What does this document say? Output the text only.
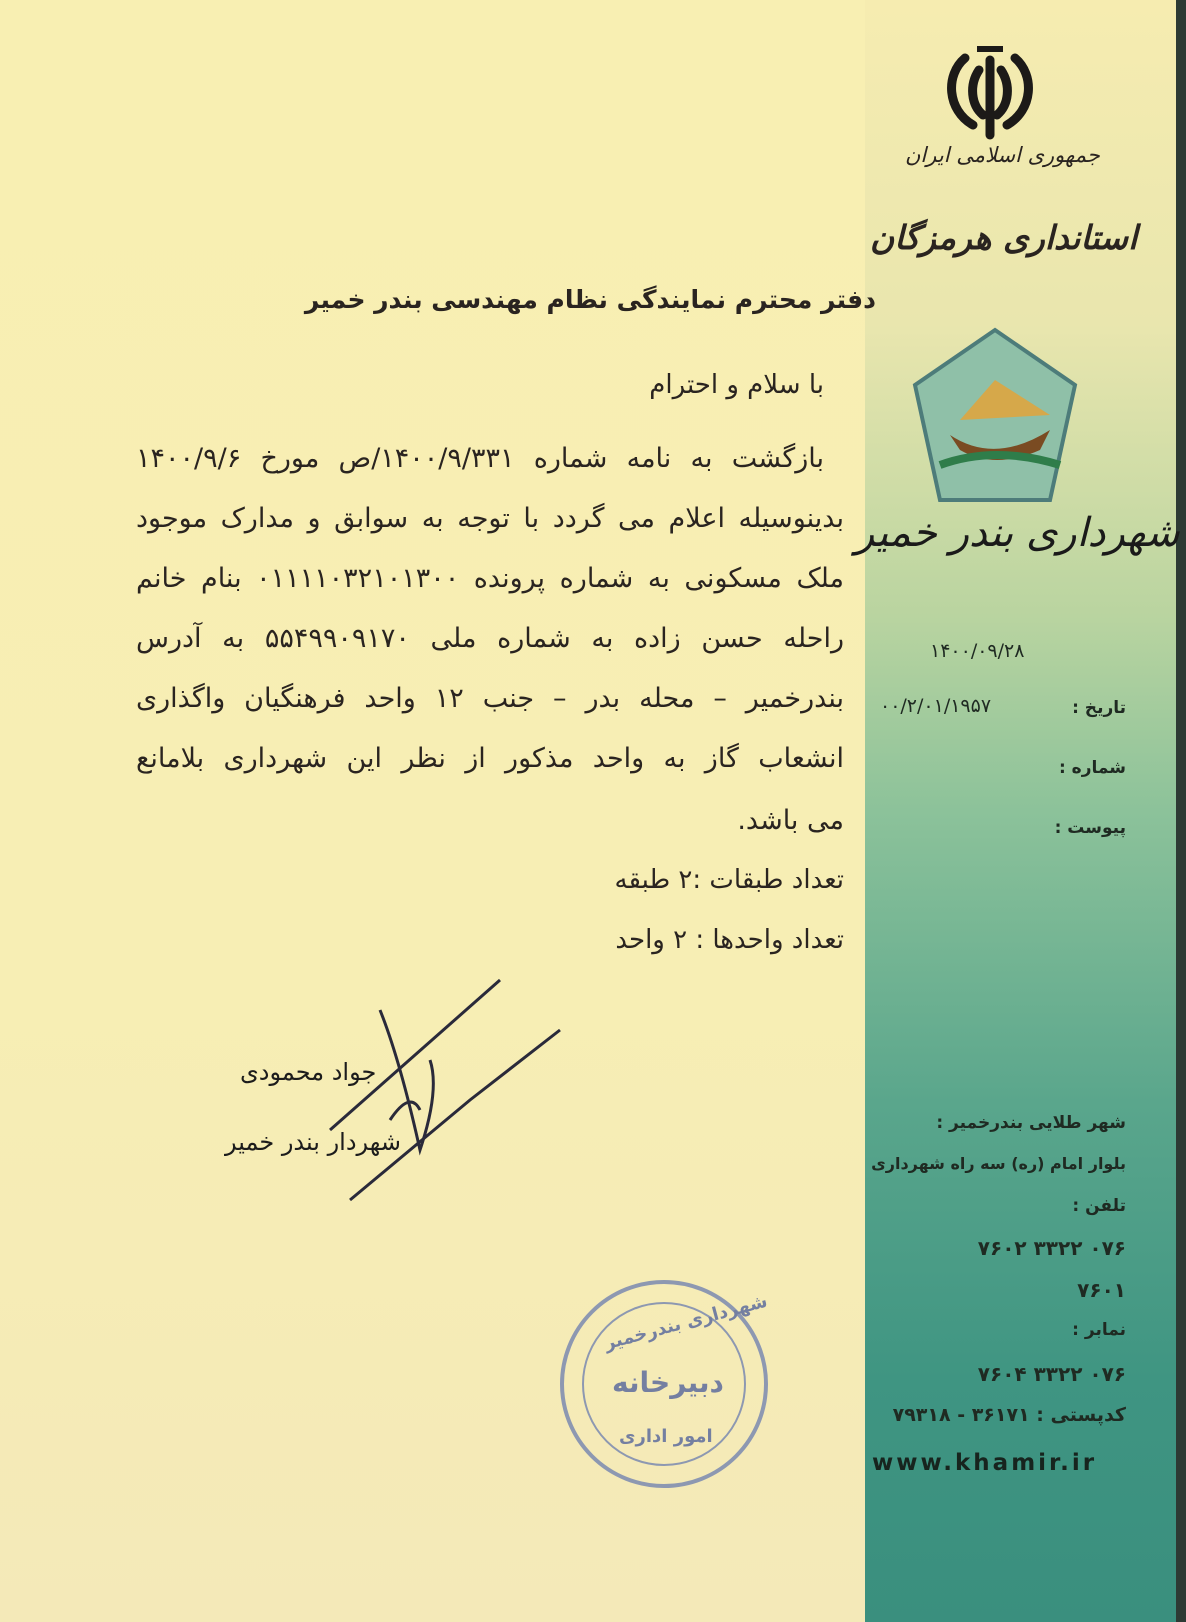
جمهوری اسلامی ایران
استانداری هرمزگان
شهرداری بندر خمیر
۱۴۰۰/۰۹/۲۸
تاریخ :
۰۰/۲/۰۱/۱۹۵۷
شماره :
پیوست :
دفتر محترم نمایندگی نظام مهندسی بندر خمیر
با سلام و احترام
بازگشت به نامه شماره ۱۴۰۰/۹/۳۳۱/ص مورخ ۱۴۰۰/۹/۶
بدینوسیله اعلام می گردد با توجه به سوابق و مدارک موجود
ملک مسکونی به شماره پرونده ۰۱۱۱۱۰۳۲۱۰۱۳۰۰ بنام خانم
راحله حسن زاده به شماره ملی ۵۵۴۹۹۰۹۱۷۰ به آدرس
بندرخمیر – محله بدر – جنب ۱۲ واحد فرهنگیان واگذاری
انشعاب گاز به واحد مذکور از نظر این شهرداری بلامانع
می باشد.
تعداد طبقات :۲ طبقه
تعداد واحدها : ۲ واحد
جواد محمودی
شهردار بندر خمیر
شهرداری بندرخمیر
دبیرخانه
امور اداری
شهر طلایی بندرخمیر :
بلوار امام (ره) سه راه شهرداری
تلفن :
۰۷۶ ۳۳۲۲ ۷۶۰۲
۷۶۰۱
نمابر :
۰۷۶ ۳۳۲۲ ۷۶۰۴
کدپستی : ۳۶۱۷۱ - ۷۹۳۱۸
www.khamir.ir
